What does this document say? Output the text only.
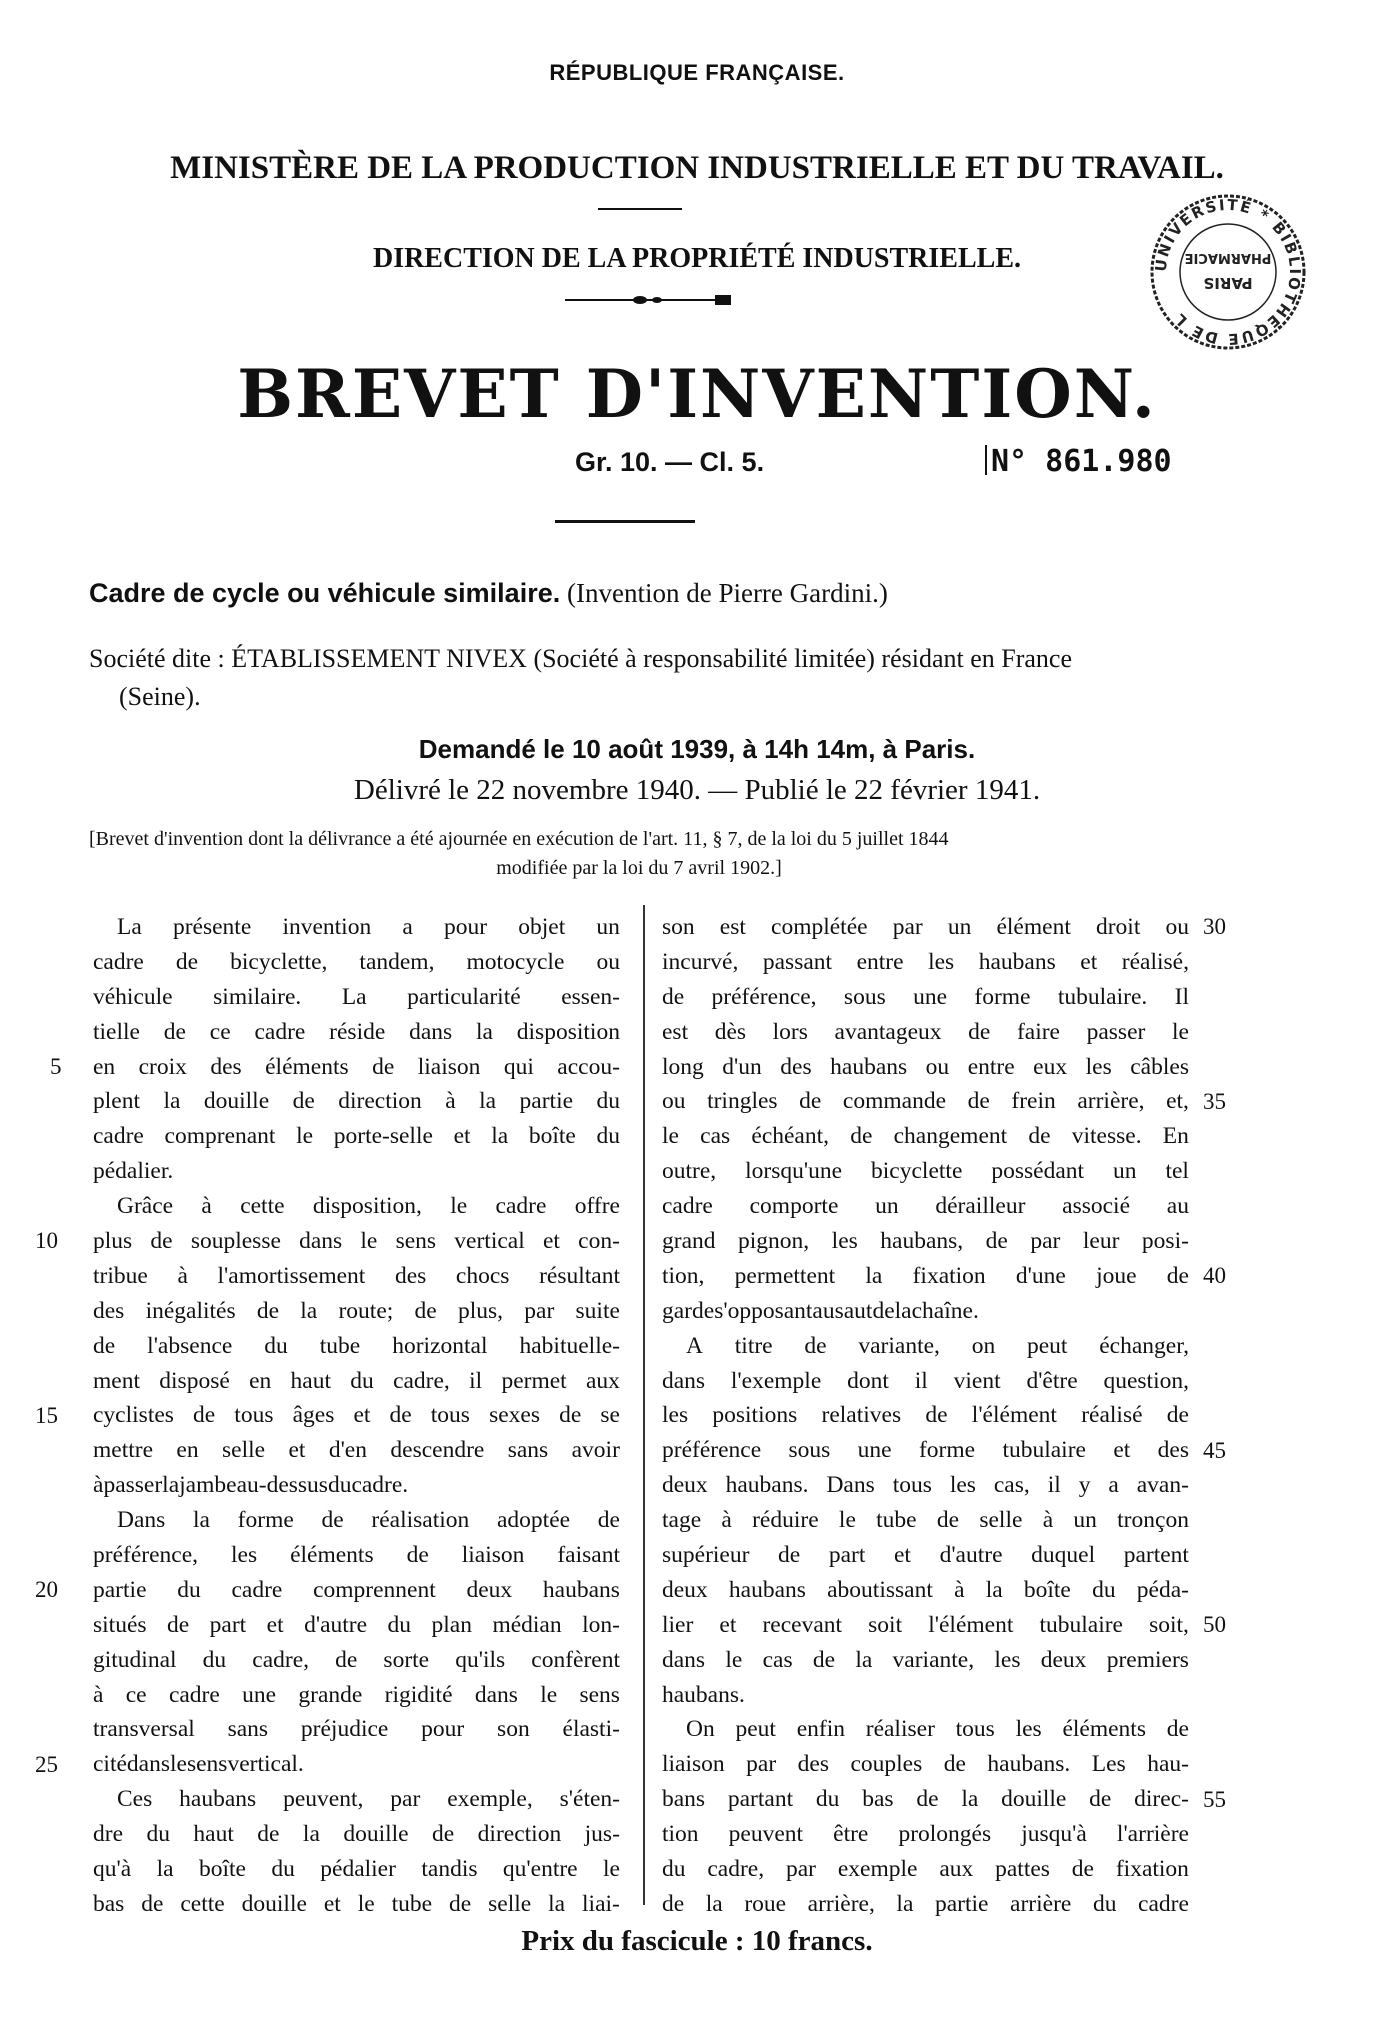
RÉPUBLIQUE FRANÇAISE.
MINISTÈRE DE LA PRODUCTION INDUSTRIELLE ET DU TRAVAIL.
DIRECTION DE LA PROPRIÉTÉ INDUSTRIELLE.
BREVET D'INVENTION.
Gr. 10. — Cl. 5.	N° 861.980
UNIVERSITÉ * BIBLIOTHÈQUE DE L
PARIS
PHARMACIE
Cadre de cycle ou véhicule similaire. (Invention de Pierre Gardini.)
Société dite : ÉTABLISSEMENT NIVEX (Société à responsabilité limitée) résidant en France
(Seine).
Demandé le 10 août 1939, à 14h 14m, à Paris.
Délivré le 22 novembre 1940. — Publié le 22 février 1941.
[Brevet d'invention dont la délivrance a été ajournée en exécution de l'art. 11, § 7, de la loi du 5 juillet 1844
modifiée par la loi du 7 avril 1902.]
La présente invention a pour objet un
cadre de bicyclette, tandem, motocycle ou
véhicule similaire. La particularité essen-
tielle de ce cadre réside dans la disposition
en croix des éléments de liaison qui accou-
plent la douille de direction à la partie du
cadre comprenant le porte-selle et la boîte du
pédalier.
Grâce à cette disposition, le cadre offre
plus de souplesse dans le sens vertical et con-
tribue à l'amortissement des chocs résultant
des inégalités de la route; de plus, par suite
de l'absence du tube horizontal habituelle-
ment disposé en haut du cadre, il permet aux
cyclistes de tous âges et de tous sexes de se
mettre en selle et d'en descendre sans avoir
à passer la jambe au-dessus du cadre.
Dans la forme de réalisation adoptée de
préférence, les éléments de liaison faisant
partie du cadre comprennent deux haubans
situés de part et d'autre du plan médian lon-
gitudinal du cadre, de sorte qu'ils confèrent
à ce cadre une grande rigidité dans le sens
transversal sans préjudice pour son élasti-
cité dans le sens vertical.
Ces haubans peuvent, par exemple, s'éten-
dre du haut de la douille de direction jus-
qu'à la boîte du pédalier tandis qu'entre le
bas de cette douille et le tube de selle la liai-
son est complétée par un élément droit ou
incurvé, passant entre les haubans et réalisé,
de préférence, sous une forme tubulaire. Il
est dès lors avantageux de faire passer le
long d'un des haubans ou entre eux les câbles
ou tringles de commande de frein arrière, et,
le cas échéant, de changement de vitesse. En
outre, lorsqu'une bicyclette possédant un tel
cadre comporte un dérailleur associé au
grand pignon, les haubans, de par leur posi-
tion, permettent la fixation d'une joue de
garde s'opposant au saut de la chaîne.
A titre de variante, on peut échanger,
dans l'exemple dont il vient d'être question,
les positions relatives de l'élément réalisé de
préférence sous une forme tubulaire et des
deux haubans. Dans tous les cas, il y a avan-
tage à réduire le tube de selle à un tronçon
supérieur de part et d'autre duquel partent
deux haubans aboutissant à la boîte du péda-
lier et recevant soit l'élément tubulaire soit,
dans le cas de la variante, les deux premiers
haubans.
On peut enfin réaliser tous les éléments de
liaison par des couples de haubans. Les hau-
bans partant du bas de la douille de direc-
tion peuvent être prolongés jusqu'à l'arrière
du cadre, par exemple aux pattes de fixation
de la roue arrière, la partie arrière du cadre
5
10
15
20
25
30
35
40
45
50
55
Prix du fascicule : 10 francs.
